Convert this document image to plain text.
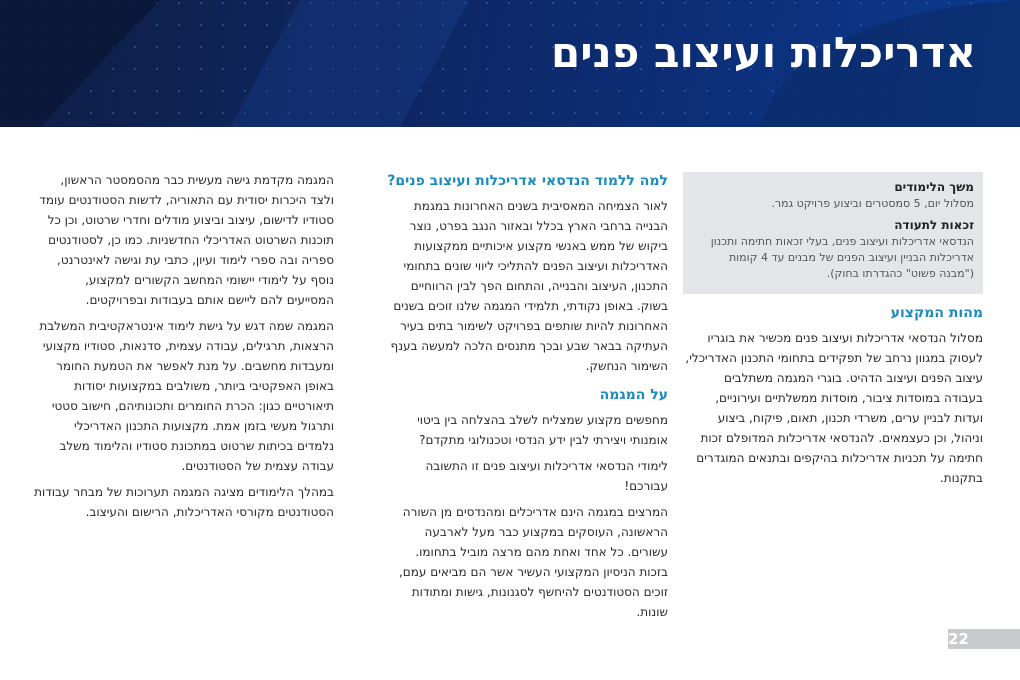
אדריכלות ועיצוב פנים
משך הלימודים
מסלול יום, 5 סמסטרים וביצוע פרויקט גמר.
זכאות לתעודה
הנדסאי אדריכלות ועיצוב פנים, בעלי זכאות חתימה ותכנון אדריכלות הבניין ועיצוב הפנים של מבנים עד 4 קומות ("מבנה פשוט" כהגדרתו בחוק).
מהות המקצוע

מסלול הנדסאי אדריכלות ועיצוב פנים מכשיר את בוגריו לעסוק במגוון נרחב של תפקידים בתחומי התכנון האדריכלי, עיצוב הפנים ועיצוב הדהיט. בוגרי המגמה משתלבים בעבודה במוסדות ציבור, מוסדות ממשלתיים ועירוניים, ועדות לבניין ערים, משרדי תכנון, תאום, פיקוח, ביצוע וניהול, וכן כעצמאים. להנדסאי אדריכלות המדופלם זכות חתימה על תכניות אדריכלות בהיקפים ובתנאים המוגדרים בתקנות.

למה ללמוד הנדסאי אדריכלות ועיצוב פנים?

לאור הצמיחה המאסיבית בשנים האחרונות במגמת הבנייה ברחבי הארץ בכלל ובאזור הנגב בפרט, נוצר ביקוש של ממש באנשי מקצוע איכותיים ממקצועות האדריכלות ועיצוב הפנים להתליכי ליווי שונים בתחומי התכנון, העיצוב והבנייה, והתחום הפך לבין הרווחיים בשוק. באופן נקודתי, תלמידי המגמה שלנו זוכים בשנים האחרונות להיות שותפים בפרויקט לשימור בתים בעיר העתיקה בבאר שבע ובכך מתנסים הלכה למעשה בענף השימור הנחשק.

על המגמה

מחפשים מקצוע שמצליח לשלב בהצלחה בין ביטוי אומנותי ויצירתי לבין ידע הנדסי וטכנולוגי מתקדם?

לימודי הנדסאי אדריכלות ועיצוב פנים זו התשובה עבורכם!

המרצים במגמה הינם אדריכלים ומהנדסים מן השורה הראשונה, העוסקים במקצוע כבר מעל לארבעה עשורים. כל אחד ואחת מהם מרצה מוביל בתחומו. בזכות הניסיון המקצועי העשיר אשר הם מביאים עמם, זוכים הסטודנטים להיחשף לסגנונות, גישות ומתודות שונות.

המגמה מקדמת גישה מעשית כבר מהסמסטר הראשון, ולצד היכרות יסודית עם התאוריה, לדשות הסטודנטים עומד סטודיו לדישום, עיצוב וביצוע מודלים וחדרי שרטוט, וכן כל תוכנות השרטוט האדריכלי החדשניות. כמו כן, לסטודנטים ספריה ובה ספרי לימוד ועיון, כתבי עת וגישה לאינטרנט, נוסף על לימודי יישומי המחשב הקשורים למקצוע, המסייעים להם ליישם אותם בעבודות ובפרויקטים.

המגמה שמה דגש על גישת לימוד אינטראקטיבית המשלבת הרצאות, תרגילים, עבודה עצמית, סדנאות, סטודיו מקצועי ומעבדות מחשבים. על מנת לאפשר את הטמעת החומר באופן האפקטיבי ביותר, משולבים במקצועות יסודות תיאורטיים כגון: הכרת החומרים ותכונותיהם, חישוב סטטי ותרגול מעשי בזמן אמת. מקצועות התכנון האדריכלי נלמדים בכיתות שרטוט במתכונת סטודיו והלימוד משלב עבודה עצמית של הסטודנטים.

במהלך הלימודים מציגה המגמה תערוכות של מבחר עבודות הסטודנטים מקורסי האדריכלות, הרישום והעיצוב.

22
